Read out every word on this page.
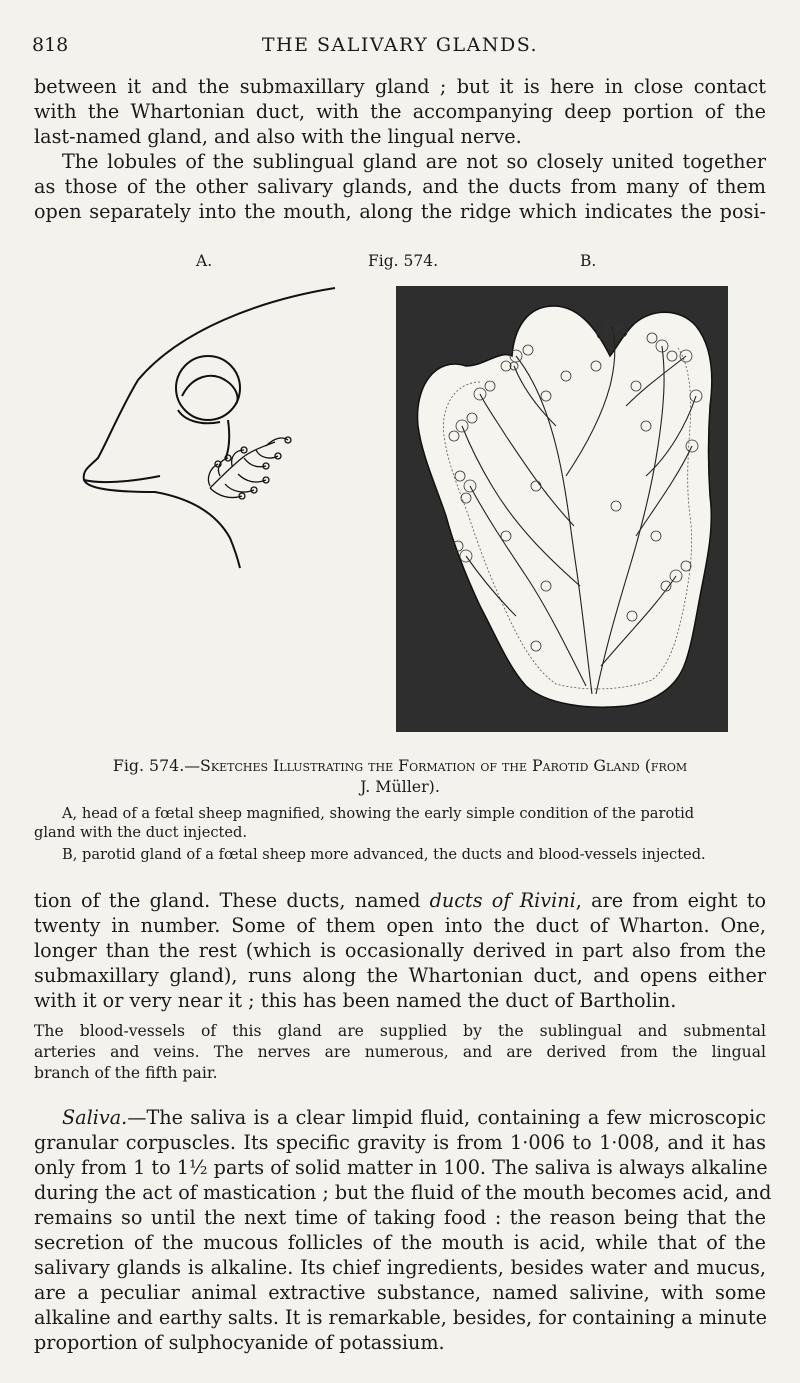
818	THE SALIVARY GLANDS.
between it and the submaxillary gland ; but it is here in close contact
with the Whartonian duct, with the accompanying deep portion of the
last-named gland, and also with the lingual nerve.
The lobules of the sublingual gland are not so closely united together
as those of the other salivary glands, and the ducts from many of them
open separately into the mouth, along the ridge which indicates the posi-
A.	Fig. 574.	B.
Fig. 574.—Sketches Illustrating the Formation of the Parotid Gland (from
J. Müller).
A, head of a fœtal sheep magnified, showing the early simple condition of the parotid
gland with the duct injected.
B, parotid gland of a fœtal sheep more advanced, the ducts and blood-vessels injected.
tion of the gland. These ducts, named ducts of Rivini, are from eight to
twenty in number. Some of them open into the duct of Wharton. One,
longer than the rest (which is occasionally derived in part also from the
submaxillary gland), runs along the Whartonian duct, and opens either
with it or very near it ; this has been named the duct of Bartholin.
The blood-vessels of this gland are supplied by the sublingual and submental
arteries and veins. The nerves are numerous, and are derived from the lingual
branch of the fifth pair.
Saliva.—The saliva is a clear limpid fluid, containing a few microscopic
granular corpuscles. Its specific gravity is from 1·006 to 1·008, and it has
only from 1 to 1½ parts of solid matter in 100. The saliva is always alkaline
during the act of mastication ; but the fluid of the mouth becomes acid, and
remains so until the next time of taking food : the reason being that the
secretion of the mucous follicles of the mouth is acid, while that of the
salivary glands is alkaline. Its chief ingredients, besides water and mucus,
are a peculiar animal extractive substance, named salivine, with some
alkaline and earthy salts. It is remarkable, besides, for containing a minute
proportion of sulphocyanide of potassium.
